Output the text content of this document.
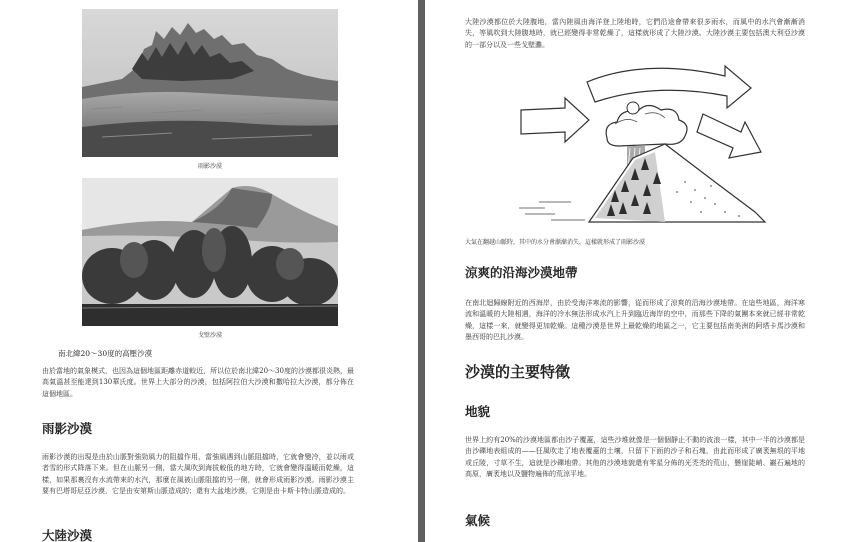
雨影沙漠
戈壁沙漠
南北緯20～30度的高壓沙漠
由於當地的氣象模式，也因為這個地區距離赤道較近，所以位於南北緯20～30度的沙漠都很炎熱，最高氣溫甚至能達到130華氏度。世界上大部分的沙漠，包括阿拉伯大沙漠和撒哈拉大沙漠，都分佈在這個地區。
雨影沙漠
雨影沙漠的出現是由於山脈對強勁風力的阻擋作用，當強風遇到山脈阻擋時，它就會變冷，並以雨或者雪的形式降落下來。但在山脈另一側，當大風吹到海拔較低的地方時，它就會變得溫暖而乾燥，這樣，如果那裏沒有水流帶來的水汽，那麼在風被山脈阻擋的另一側，就會形成雨影沙漠。雨影沙漠主要有巴塔哥尼亞沙漠，它是由安第斯山脈造成的；還有大盆地沙漠，它則是由卡斯卡特山脈造成的。
大陸沙漠
大陸沙漠都位於大陸腹地，當內陸風由海洋登上陸地時，它們沿途會帶來很多雨水，而風中的水汽會漸漸消失，等風吹到大陸腹地時，就已經變得非常乾燥了，這樣就形成了大陸沙漠。大陸沙漠主要包括澳大利亞沙漠的一部分以及一些戈壁灘。
大氣在翻越山脈時，其中的水分會漸漸消失，這樣就形成了雨影沙漠
涼爽的沿海沙漠地帶
在南北迴歸線附近的西海岸，由於受海洋寒流的影響，從而形成了涼爽的沿海沙漠地帶。在這些地區，海洋寒流和溫暖的大陸相遇，海洋的冷水無法形成水汽上升到臨近海岸的空中，而那些下降的氣團本來就已經非常乾燥，這樣一來，就變得更加乾燥。這種沙漠是世界上最乾燥的地區之一，它主要包括南美洲的阿塔卡馬沙漠和墨西哥的巴扎沙漠。
沙漠的主要特徵
地貌
世界上約有20%的沙漠地區都由沙子覆蓋，這些沙堆就像是一個個靜止不動的波浪一樣，其中一半的沙漠都是由沙礫地表組成的——狂風吹走了地表覆蓋的土壤，只留下下面的沙子和石塊，由此而形成了廣袤無垠的平地或丘陵，寸草不生，這就是沙礫地帶。其他的沙漠地貌還有零星分佈的光禿禿的荒山，懸崖陡峭、巖石遍地的高原，廣袤地以及鹽物遍佈的荒涼平地。
氣候
